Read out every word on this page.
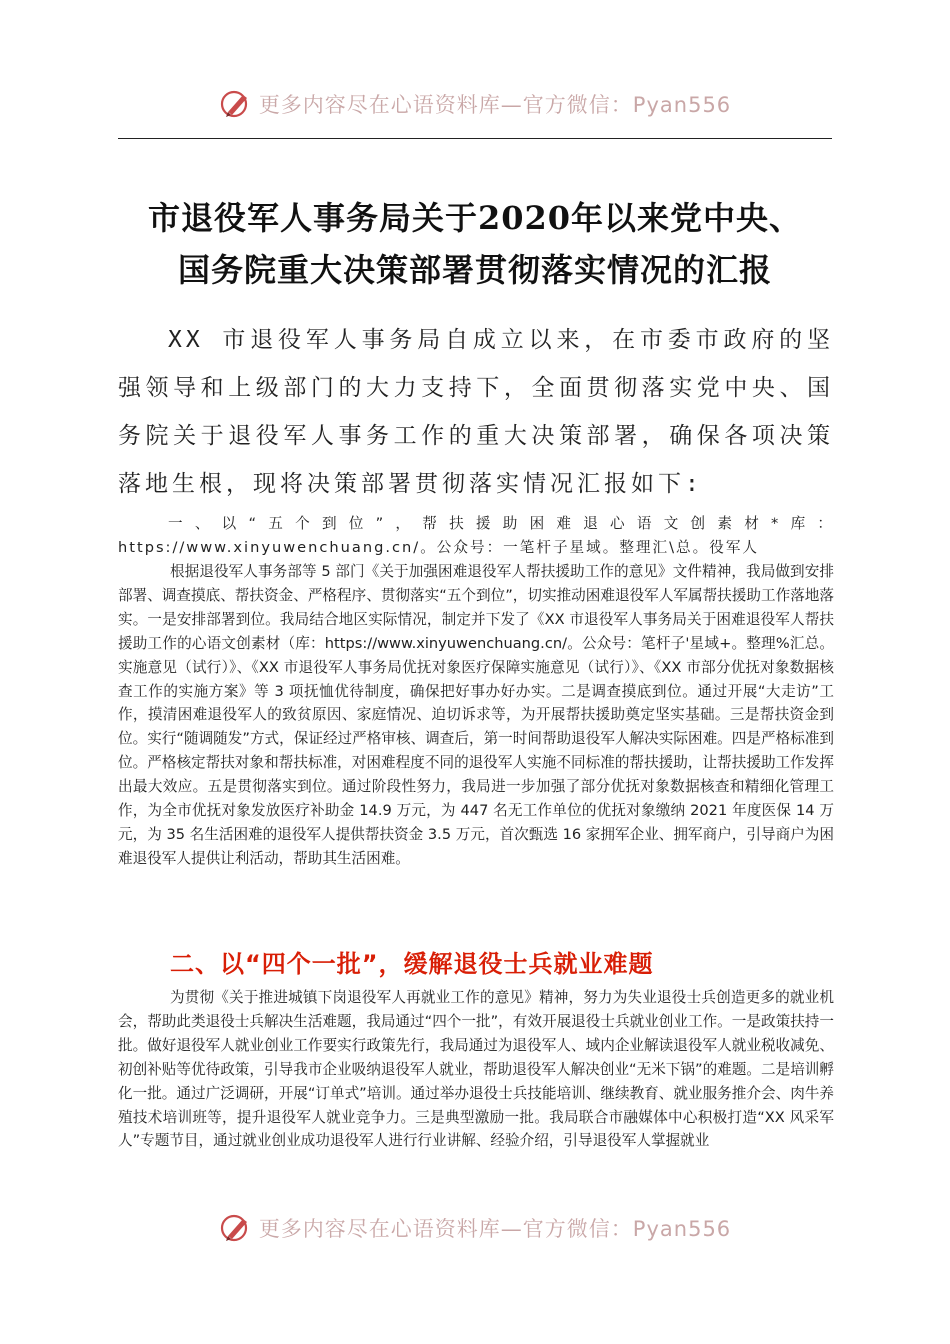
更多内容尽在心语资料库—官方微信：Pyan556
市退役军人事务局关于2020年以来党中央、
国务院重大决策部署贯彻落实情况的汇报
XX 市退役军人事务局自成立以来，在市委市政府的坚强领导和上级部门的大力支持下，全面贯彻落实党中央、国务院关于退役军人事务工作的重大决策部署，确保各项决策落地生根，现将决策部署贯彻落实情况汇报如下:

一、以“五个到位”，帮扶援助困难退心语文创素材*库：https://www.xinyuwenchuang.cn/。公众号：一笔杆子星域。整理汇\总。役军人

根据退役军人事务部等 5 部门《关于加强困难退役军人帮扶援助工作的意见》文件精神，我局做到安排部署、调查摸底、帮扶资金、严格程序、贯彻落实“五个到位”，切实推动困难退役军人军属帮扶援助工作落地落实。一是安排部署到位。我局结合地区实际情况，制定并下发了《XX 市退役军人事务局关于困难退役军人帮扶援助工作的心语文创素材（库：https://www.xinyuwenchuang.cn/。公众号：笔杆子'星域+。整理%汇总。实施意见（试行）》、《XX 市退役军人事务局优抚对象医疗保障实施意见（试行）》、《XX 市部分优抚对象数据核查工作的实施方案》等 3 项抚恤优待制度，确保把好事办好办实。二是调查摸底到位。通过开展“大走访”工作，摸清困难退役军人的致贫原因、家庭情况、迫切诉求等，为开展帮扶援助奠定坚实基础。三是帮扶资金到位。实行“随调随发”方式，保证经过严格审核、调查后，第一时间帮助退役军人解决实际困难。四是严格标准到位。严格核定帮扶对象和帮扶标准，对困难程度不同的退役军人实施不同标准的帮扶援助，让帮扶援助工作发挥出最大效应。五是贯彻落实到位。通过阶段性努力，我局进一步加强了部分优抚对象数据核查和精细化管理工作，为全市优抚对象发放医疗补助金 14.9 万元，为 447 名无工作单位的优抚对象缴纳 2021 年度医保 14 万元，为 35 名生活困难的退役军人提供帮扶资金 3.5 万元，首次甄选 16 家拥军企业、拥军商户，引导商户为困难退役军人提供让利活动，帮助其生活困难。

二、以“四个一批”，缓解退役士兵就业难题

为贯彻《关于推进城镇下岗退役军人再就业工作的意见》精神，努力为失业退役士兵创造更多的就业机会，帮助此类退役士兵解决生活难题，我局通过“四个一批”，有效开展退役士兵就业创业工作。一是政策扶持一批。做好退役军人就业创业工作要实行政策先行，我局通过为退役军人、域内企业解读退役军人就业税收减免、初创补贴等优待政策，引导我市企业吸纳退役军人就业，帮助退役军人解决创业“无米下锅”的难题。二是培训孵化一批。通过广泛调研，开展“订单式”培训。通过举办退役士兵技能培训、继续教育、就业服务推介会、肉牛养殖技术培训班等，提升退役军人就业竞争力。三是典型激励一批。我局联合市融媒体中心积极打造“XX 风采军人”专题节目，通过就业创业成功退役军人进行行业讲解、经验介绍，引导退役军人掌握就业

更多内容尽在心语资料库—官方微信：Pyan556
